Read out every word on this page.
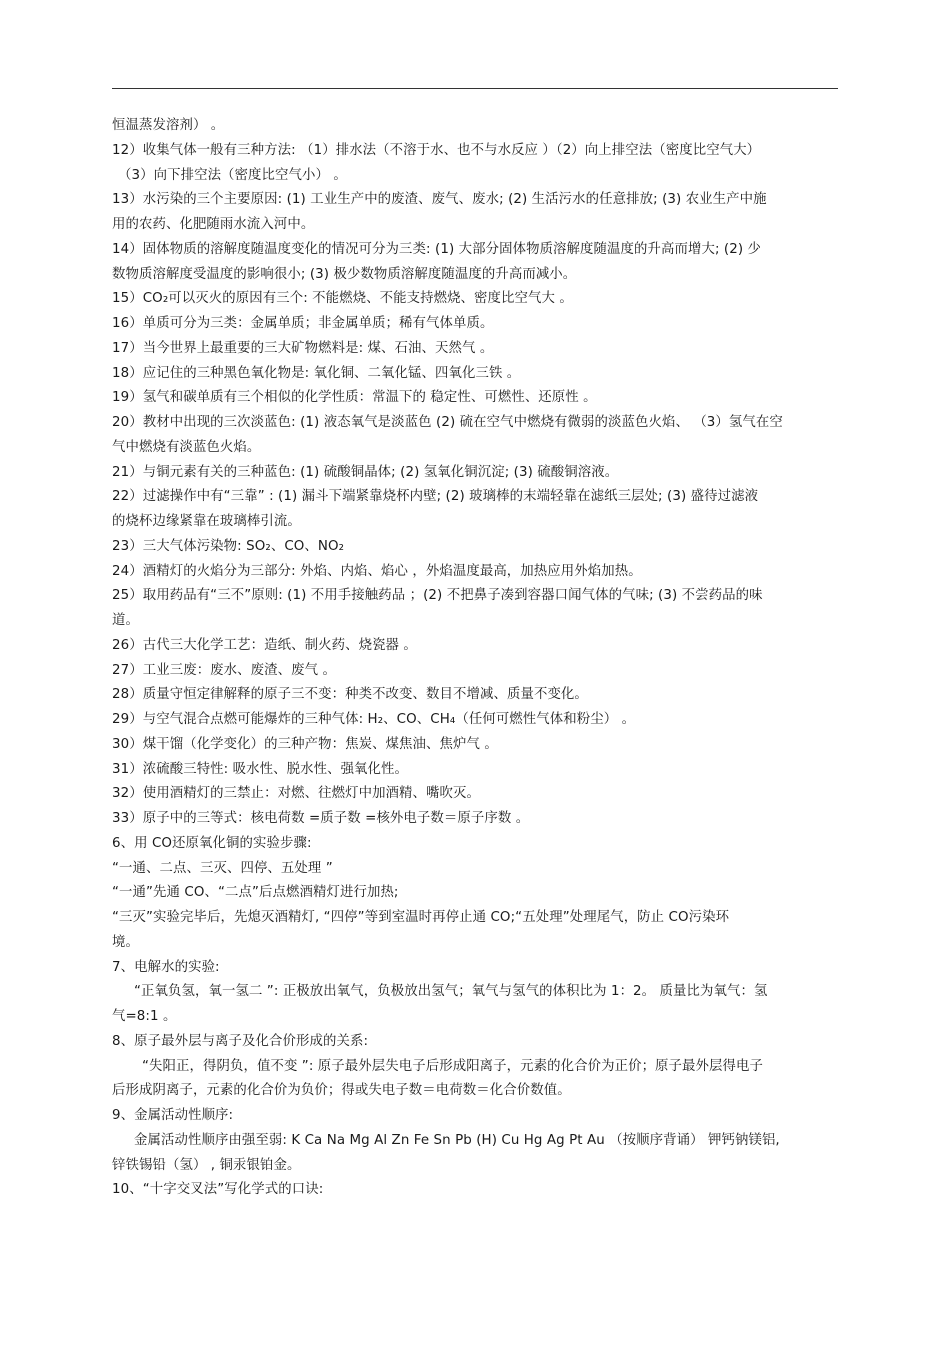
恒温蒸发溶剂） 。
12）收集气体一般有三种方法: （1）排水法（不溶于水、也不与水反应 ）（2）向上排空法（密度比空气大）
（3）向下排空法（密度比空气小） 。
13）水污染的三个主要原因: (1) 工业生产中的废渣、废气、废水; (2) 生活污水的任意排放; (3) 农业生产中施
用的农药、化肥随雨水流入河中。
14）固体物质的溶解度随温度变化的情况可分为三类: (1) 大部分固体物质溶解度随温度的升高而增大; (2) 少
数物质溶解度受温度的影响很小; (3) 极少数物质溶解度随温度的升高而减小。
15）CO₂可以灭火的原因有三个: 不能燃烧、不能支持燃烧、密度比空气大 。
16）单质可分为三类：金属单质；非金属单质；稀有气体单质。
17）当今世界上最重要的三大矿物燃料是: 煤、石油、天然气 。
18）应记住的三种黑色氧化物是: 氧化铜、二氧化锰、四氧化三铁 。
19）氢气和碳单质有三个相似的化学性质：常温下的 稳定性、可燃性、还原性 。
20）教材中出现的三次淡蓝色: (1) 液态氧气是淡蓝色 (2) 硫在空气中燃烧有微弱的淡蓝色火焰、 （3）氢气在空
气中燃烧有淡蓝色火焰。
21）与铜元素有关的三种蓝色: (1) 硫酸铜晶体; (2) 氢氧化铜沉淀; (3) 硫酸铜溶液。
22）过滤操作中有“三靠” : (1) 漏斗下端紧靠烧杯内壁; (2) 玻璃棒的末端轻靠在滤纸三层处; (3) 盛待过滤液
的烧杯边缘紧靠在玻璃棒引流。
23）三大气体污染物: SO₂、CO、NO₂
24）酒精灯的火焰分为三部分: 外焰、内焰、焰心 ，外焰温度最高，加热应用外焰加热。
25）取用药品有“三不”原则: (1) 不用手接触药品 ；(2) 不把鼻子凑到容器口闻气体的气味; (3) 不尝药品的味
道。
26）古代三大化学工艺：造纸、制火药、烧瓷器 。
27）工业三废：废水、废渣、废气 。
28）质量守恒定律解释的原子三不变：种类不改变、数目不增减、质量不变化。
29）与空气混合点燃可能爆炸的三种气体: H₂、CO、CH₄（任何可燃性气体和粉尘） 。
30）煤干馏（化学变化）的三种产物：焦炭、煤焦油、焦炉气 。
31）浓硫酸三特性: 吸水性、脱水性、强氧化性。
32）使用酒精灯的三禁止：对燃、往燃灯中加酒精、嘴吹灭。
33）原子中的三等式：核电荷数 =质子数 =核外电子数＝原子序数 。
6、用 CO还原氧化铜的实验步骤:
“一通、二点、三灭、四停、五处理 ”
“一通”先通 CO、“二点”后点燃酒精灯进行加热;
“三灭”实验完毕后，先熄灭酒精灯, “四停”等到室温时再停止通 CO;“五处理”处理尾气，防止 CO污染环
境。
7、电解水的实验:
“正氧负氢，氧一氢二 ”: 正极放出氧气，负极放出氢气；氧气与氢气的体积比为 1：2。 质量比为氧气：氢
气=8:1 。
8、原子最外层与离子及化合价形成的关系:
“失阳正，得阴负，值不变 ”: 原子最外层失电子后形成阳离子，元素的化合价为正价；原子最外层得电子
后形成阴离子，元素的化合价为负价；得或失电子数＝电荷数＝化合价数值。
9、金属活动性顺序:
金属活动性顺序由强至弱: K Ca Na Mg Al Zn Fe Sn Pb (H) Cu Hg Ag Pt Au （按顺序背诵） 钾钙钠镁铝,
锌铁锡铅（氢） , 铜汞银铂金。
10、“十字交叉法”写化学式的口诀:
